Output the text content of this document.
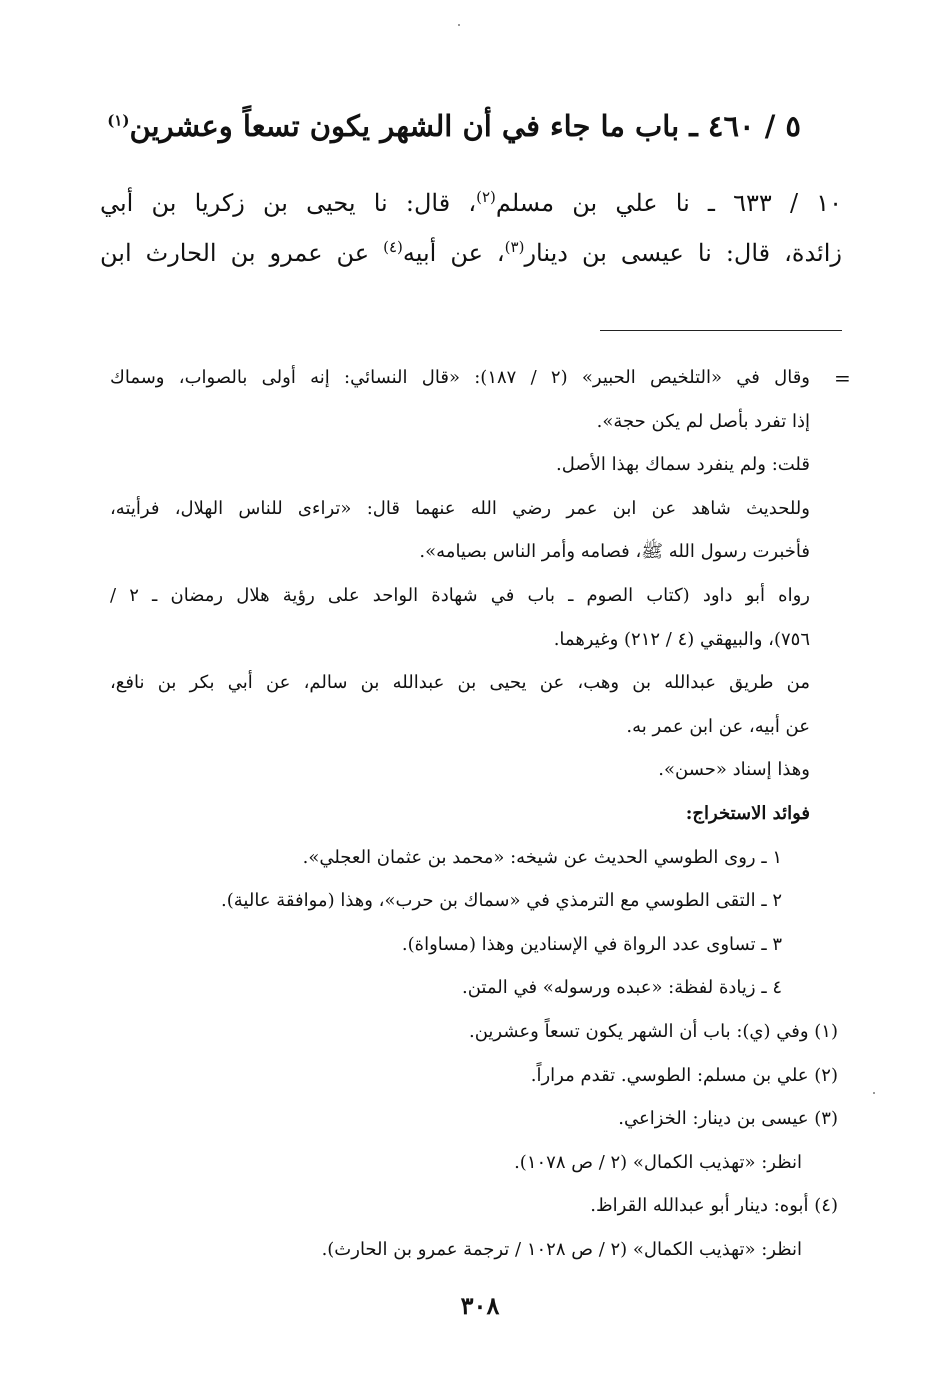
٥ / ٤٦٠ ـ باب ما جاء في أن الشهر يكون تسعاً وعشرين$^{(١)}$
١٠ / ٦٣٣ ـ نا علي بن مسلم$^{(٢)}$، قال: نا يحيى بن زكريا بن أبي
زائدة، قال: نا عيسى بن دينار$^{(٣)}$، عن أبيه$^{(٤)}$ عن عمرو بن الحارث ابن
=
وقال في «التلخيص الحبير» (٢ / ١٨٧): «قال النسائي: إنه أولى بالصواب، وسماك
إذا تفرد بأصل لم يكن حجة».
قلت: ولم ينفرد سماك بهذا الأصل.
وللحديث شاهد عن ابن عمر رضي الله عنهما قال: «تراءى للناس الهلال، فرأيته،
فأخبرت رسول الله ﷺ، فصامه وأمر الناس بصيامه».
رواه أبو داود (كتاب الصوم ـ باب في شهادة الواحد على رؤية هلال رمضان ـ ٢ /
٧٥٦)، والبيهقي (٤ / ٢١٢) وغيرهما.
من طريق عبدالله بن وهب، عن يحيى بن عبدالله بن سالم، عن أبي بكر بن نافع،
عن أبيه، عن ابن عمر به.
وهذا إسناد «حسن».
فوائد الاستخراج:
١ ـ روى الطوسي الحديث عن شيخه: «محمد بن عثمان العجلي».
٢ ـ التقى الطوسي مع الترمذي في «سماك بن حرب»، وهذا (موافقة عالية).
٣ ـ تساوى عدد الرواة في الإسنادين وهذا (مساواة).
٤ ـ زيادة لفظة: «عبده ورسوله» في المتن.
(١) وفي (ي): باب أن الشهر يكون تسعاً وعشرين.
(٢) علي بن مسلم: الطوسي. تقدم مراراً.
(٣) عيسى بن دينار: الخزاعي.
انظر: «تهذيب الكمال» (٢ / ص ١٠٧٨).
(٤) أبوه: دينار أبو عبدالله القراظ.
انظر: «تهذيب الكمال» (٢ / ص ١٠٢٨ / ترجمة عمرو بن الحارث).
٣٠٨
